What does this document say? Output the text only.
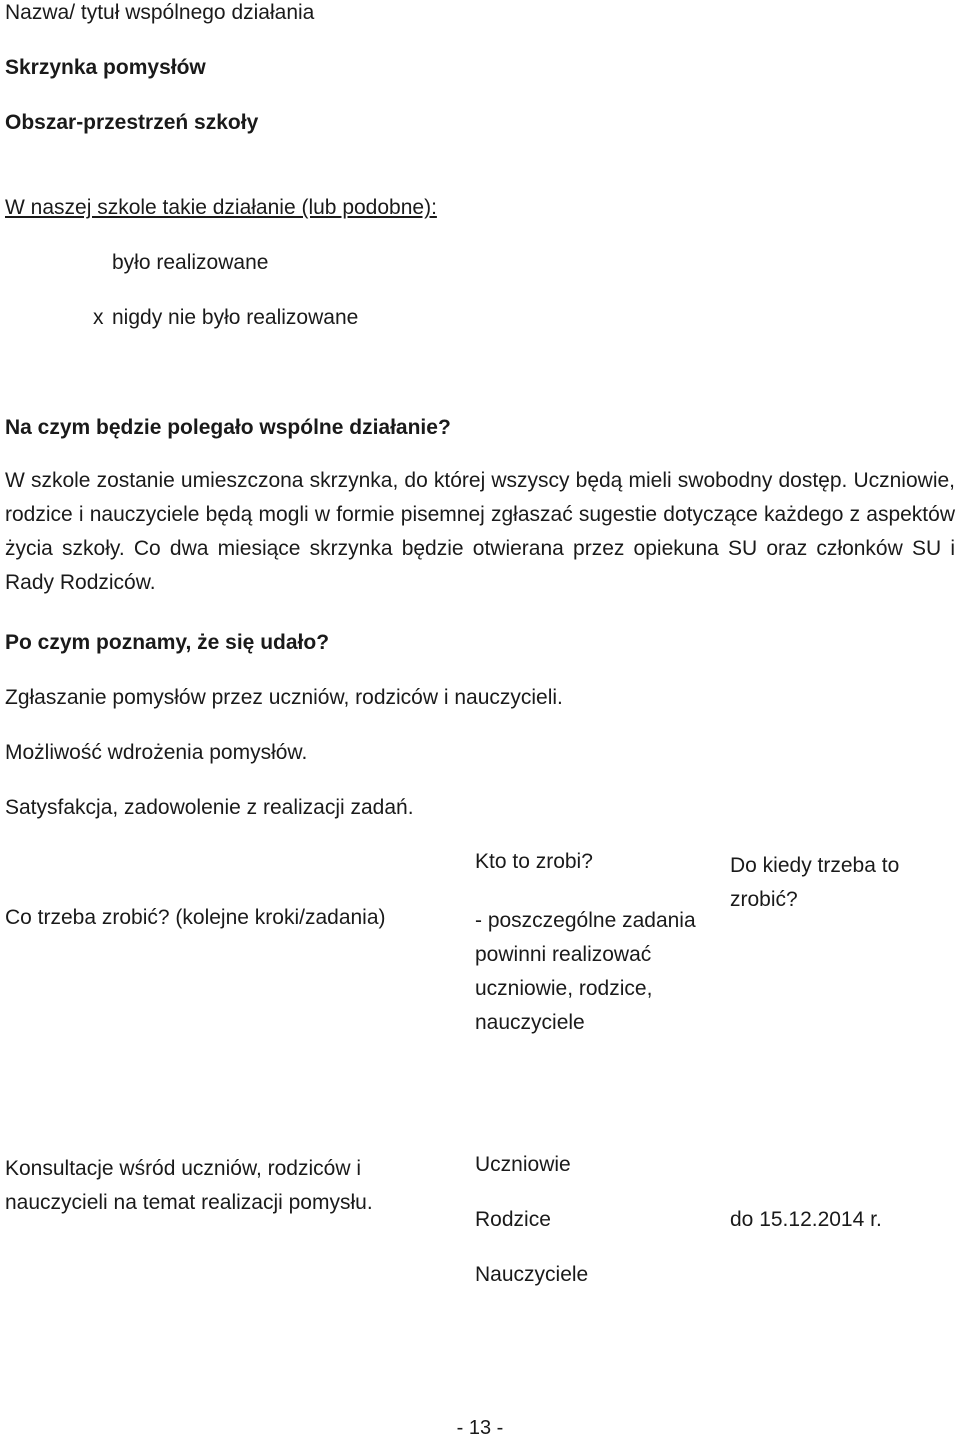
Nazwa/ tytuł wspólnego działania

Skrzynka pomysłów

Obszar-przestrzeń szkoły

W naszej szkole takie działanie (lub podobne):

było realizowane
x nigdy nie było realizowane

Na czym będzie polegało wspólne działanie?

W szkole zostanie umieszczona skrzynka, do której wszyscy będą mieli swobodny dostęp. Uczniowie, rodzice i nauczyciele będą mogli w formie pisemnej zgłaszać sugestie dotyczące każdego z aspektów życia szkoły. Co dwa miesiące skrzynka będzie otwierana przez opiekuna SU oraz członków SU i Rady Rodziców.

Po czym poznamy, że się udało?

Zgłaszanie pomysłów przez uczniów, rodziców i nauczycieli.

Możliwość wdrożenia pomysłów.

Satysfakcja, zadowolenie z realizacji zadań.

Co trzeba zrobić? (kolejne kroki/zadania)

Kto to zrobi?

- poszczególne zadania powinni realizować uczniowie, rodzice, nauczyciele

Do kiedy trzeba to zrobić?

Konsultacje wśród uczniów, rodziców i nauczycieli na temat realizacji pomysłu.

Uczniowie

Rodzice

Nauczyciele

do 15.12.2014 r.

- 13 -
